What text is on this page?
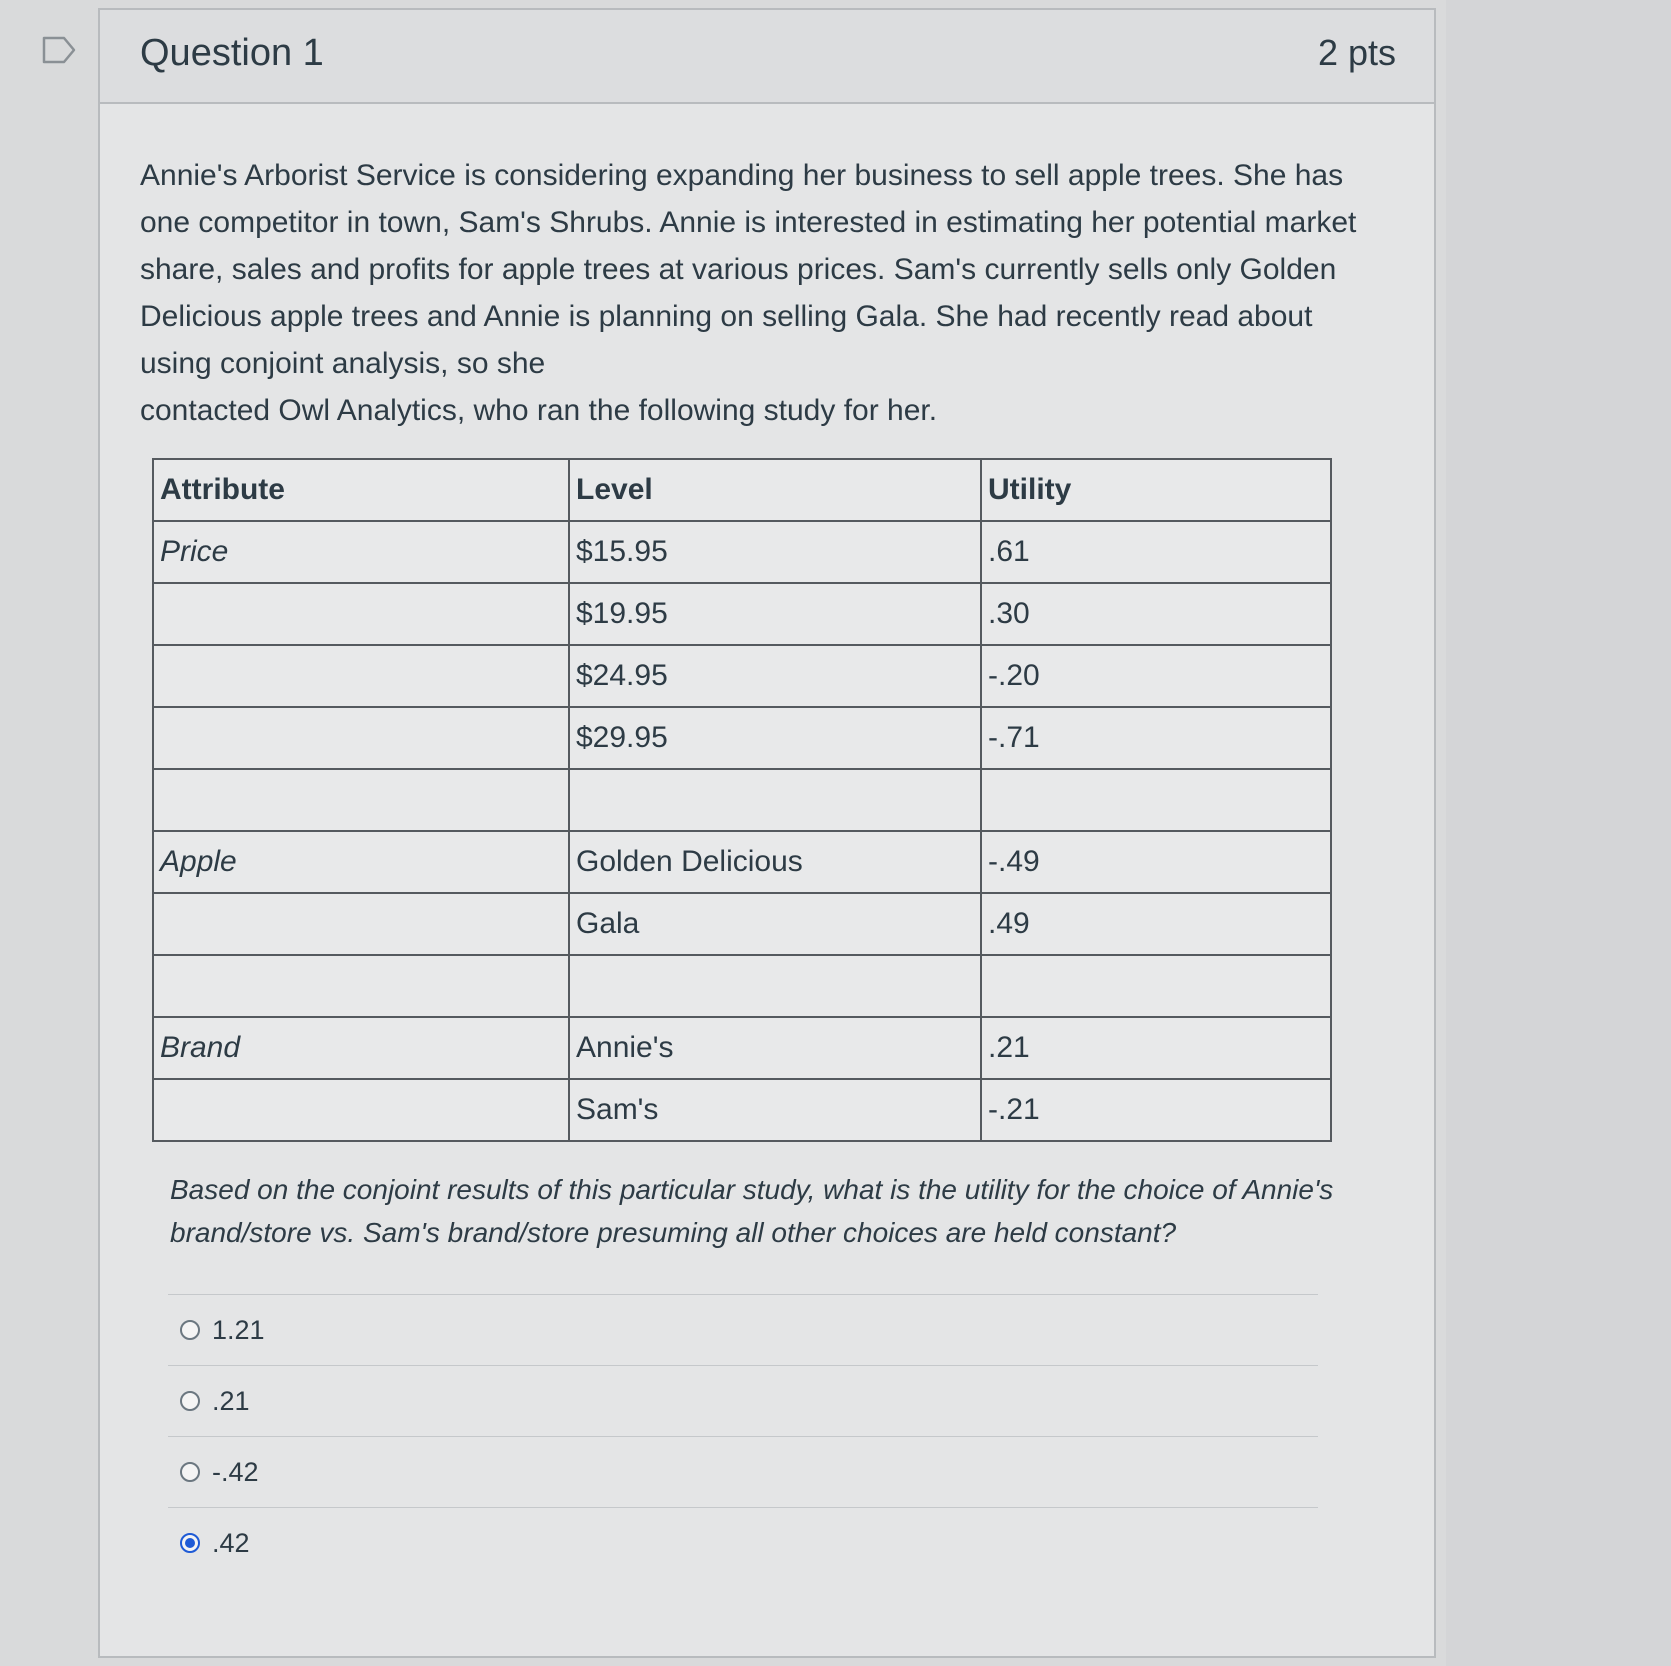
Question 1	2 pts

Annie's Arborist Service is considering expanding her business to sell apple trees. She has one competitor in town, Sam's Shrubs. Annie is interested in estimating her potential market share, sales and profits for apple trees at various prices. Sam's currently sells only Golden Delicious apple trees and Annie is planning on selling Gala. She had recently read about using conjoint analysis, so she

contacted Owl Analytics, who ran the following study for her.

Attribute	Level	Utility
Price	$15.95	.61
	$19.95	.30
	$24.95	-.20
	$29.95	-.71

Apple	Golden Delicious	-.49
	Gala	.49

Brand	Annie's	.21
	Sam's	-.21
Based on the conjoint results of this particular study, what is the utility for the choice of Annie's brand/store vs. Sam's brand/store presuming all other choices are held constant?
1.21
.21
-.42
.42
